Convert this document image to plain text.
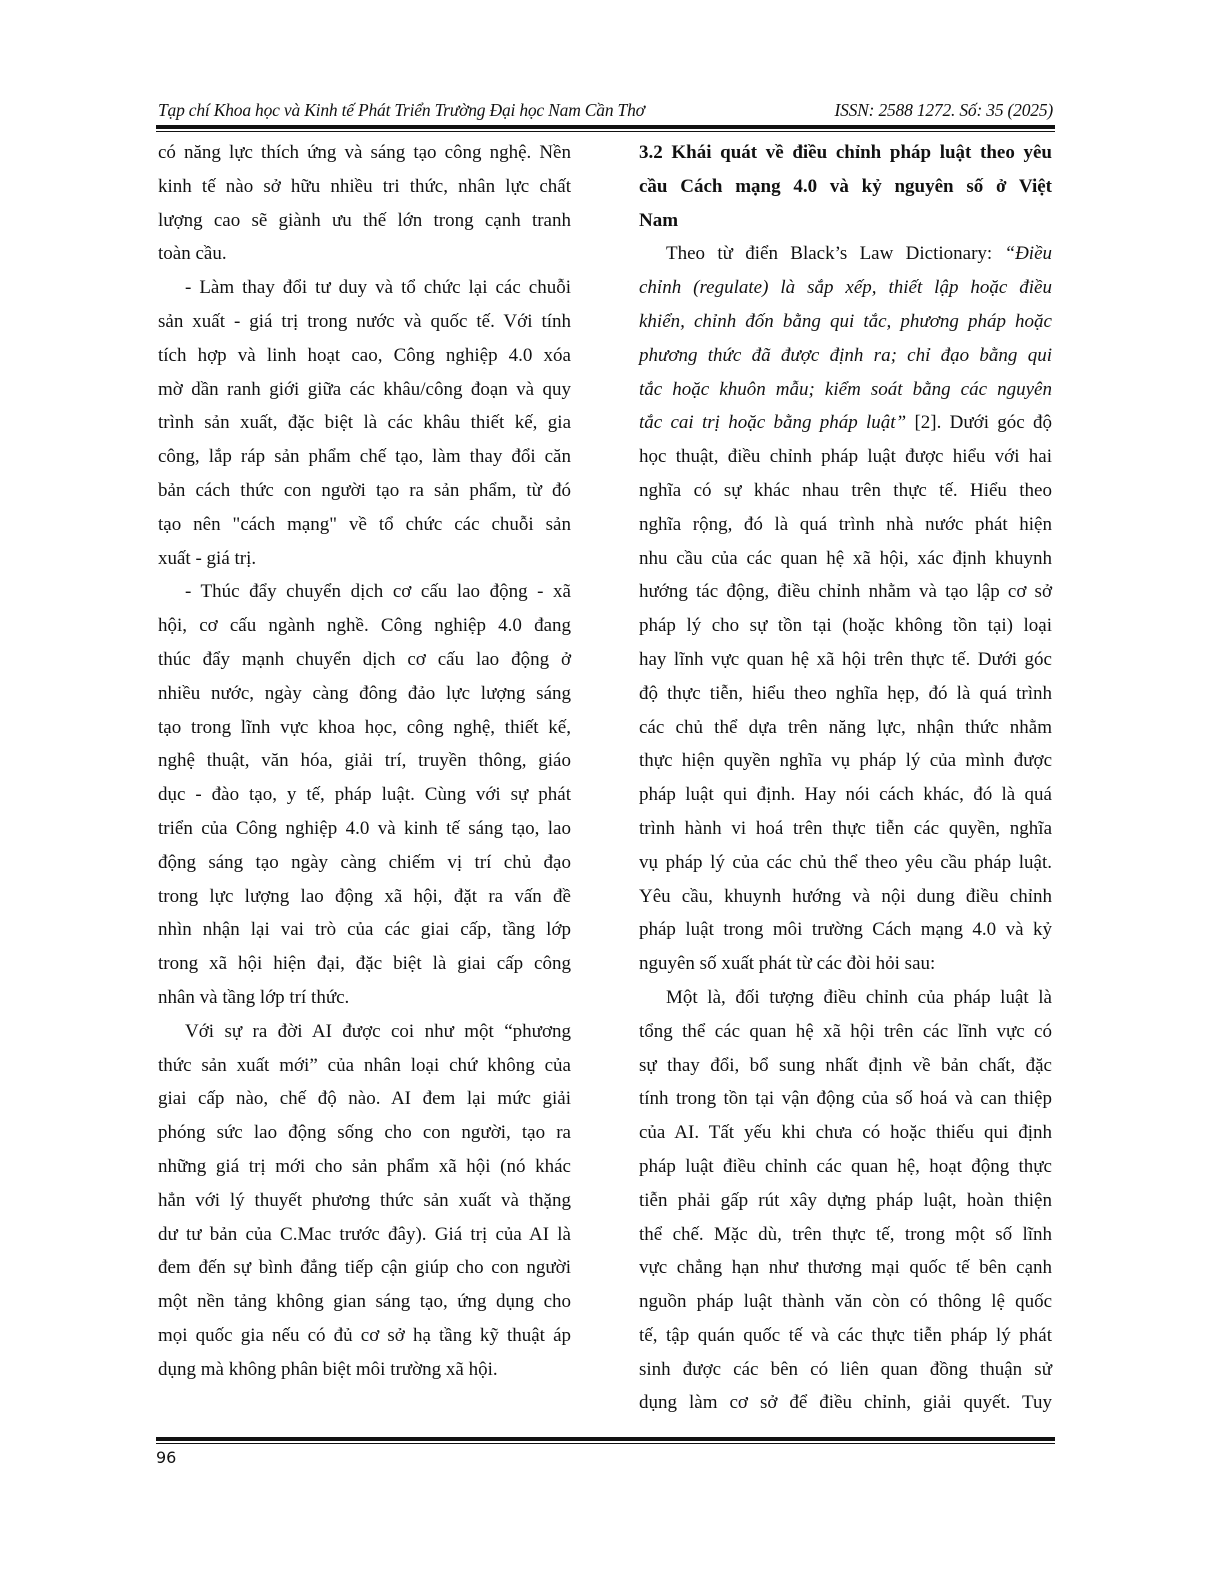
Tạp chí Khoa học và Kinh tế Phát Triển Trường Đại học Nam Cần Thơ	ISSN: 2588 1272. Số: 35 (2025)
có năng lực thích ứng và sáng tạo công nghệ. Nền
kinh tế nào sở hữu nhiều tri thức, nhân lực chất
lượng cao sẽ giành ưu thế lớn trong cạnh tranh
toàn cầu.
- Làm thay đổi tư duy và tổ chức lại các chuỗi
sản xuất - giá trị trong nước và quốc tế. Với tính
tích hợp và linh hoạt cao, Công nghiệp 4.0 xóa
mờ dần ranh giới giữa các khâu/công đoạn và quy
trình sản xuất, đặc biệt là các khâu thiết kế, gia
công, lắp ráp sản phẩm chế tạo, làm thay đổi căn
bản cách thức con người tạo ra sản phẩm, từ đó
tạo nên "cách mạng" về tổ chức các chuỗi sản
xuất - giá trị.
- Thúc đẩy chuyển dịch cơ cấu lao động - xã
hội, cơ cấu ngành nghề. Công nghiệp 4.0 đang
thúc đẩy mạnh chuyển dịch cơ cấu lao động ở
nhiều nước, ngày càng đông đảo lực lượng sáng
tạo trong lĩnh vực khoa học, công nghệ, thiết kế,
nghệ thuật, văn hóa, giải trí, truyền thông, giáo
dục - đào tạo, y tế, pháp luật. Cùng với sự phát
triển của Công nghiệp 4.0 và kinh tế sáng tạo, lao
động sáng tạo ngày càng chiếm vị trí chủ đạo
trong lực lượng lao động xã hội, đặt ra vấn đề
nhìn nhận lại vai trò của các giai cấp, tầng lớp
trong xã hội hiện đại, đặc biệt là giai cấp công
nhân và tầng lớp trí thức.
Với sự ra đời AI được coi như một “phương
thức sản xuất mới” của nhân loại chứ không của
giai cấp nào, chế độ nào. AI đem lại mức giải
phóng sức lao động sống cho con người, tạo ra
những giá trị mới cho sản phẩm xã hội (nó khác
hẳn với lý thuyết phương thức sản xuất và thặng
dư tư bản của C.Mac trước đây). Giá trị của AI là
đem đến sự bình đẳng tiếp cận giúp cho con người
một nền tảng không gian sáng tạo, ứng dụng cho
mọi quốc gia nếu có đủ cơ sở hạ tầng kỹ thuật áp
dụng mà không phân biệt môi trường xã hội.
3.2 Khái quát về điều chỉnh pháp luật theo yêu
cầu Cách mạng 4.0 và kỷ nguyên số ở Việt
Nam
Theo từ điển Black’s Law Dictionary: “Điều
chỉnh (regulate) là sắp xếp, thiết lập hoặc điều
khiển, chỉnh đốn bằng qui tắc, phương pháp hoặc
phương thức đã được định ra; chỉ đạo bằng qui
tắc hoặc khuôn mẫu; kiểm soát bằng các nguyên
tắc cai trị hoặc bằng pháp luật” [2]. Dưới góc độ
học thuật, điều chỉnh pháp luật được hiểu với hai
nghĩa có sự khác nhau trên thực tế. Hiểu theo
nghĩa rộng, đó là quá trình nhà nước phát hiện
nhu cầu của các quan hệ xã hội, xác định khuynh
hướng tác động, điều chỉnh nhằm và tạo lập cơ sở
pháp lý cho sự tồn tại (hoặc không tồn tại) loại
hay lĩnh vực quan hệ xã hội trên thực tế. Dưới góc
độ thực tiễn, hiểu theo nghĩa hẹp, đó là quá trình
các chủ thể dựa trên năng lực, nhận thức nhằm
thực hiện quyền nghĩa vụ pháp lý của mình được
pháp luật qui định. Hay nói cách khác, đó là quá
trình hành vi hoá trên thực tiễn các quyền, nghĩa
vụ pháp lý của các chủ thể theo yêu cầu pháp luật.
Yêu cầu, khuynh hướng và nội dung điều chỉnh
pháp luật trong môi trường Cách mạng 4.0 và kỷ
nguyên số xuất phát từ các đòi hỏi sau:
Một là, đối tượng điều chỉnh của pháp luật là
tổng thể các quan hệ xã hội trên các lĩnh vực có
sự thay đổi, bổ sung nhất định về bản chất, đặc
tính trong tồn tại vận động của số hoá và can thiệp
của AI. Tất yếu khi chưa có hoặc thiếu qui định
pháp luật điều chỉnh các quan hệ, hoạt động thực
tiễn phải gấp rút xây dựng pháp luật, hoàn thiện
thể chế. Mặc dù, trên thực tế, trong một số lĩnh
vực chẳng hạn như thương mại quốc tế bên cạnh
nguồn pháp luật thành văn còn có thông lệ quốc
tế, tập quán quốc tế và các thực tiễn pháp lý phát
sinh được các bên có liên quan đồng thuận sử
dụng làm cơ sở để điều chỉnh, giải quyết. Tuy
96
